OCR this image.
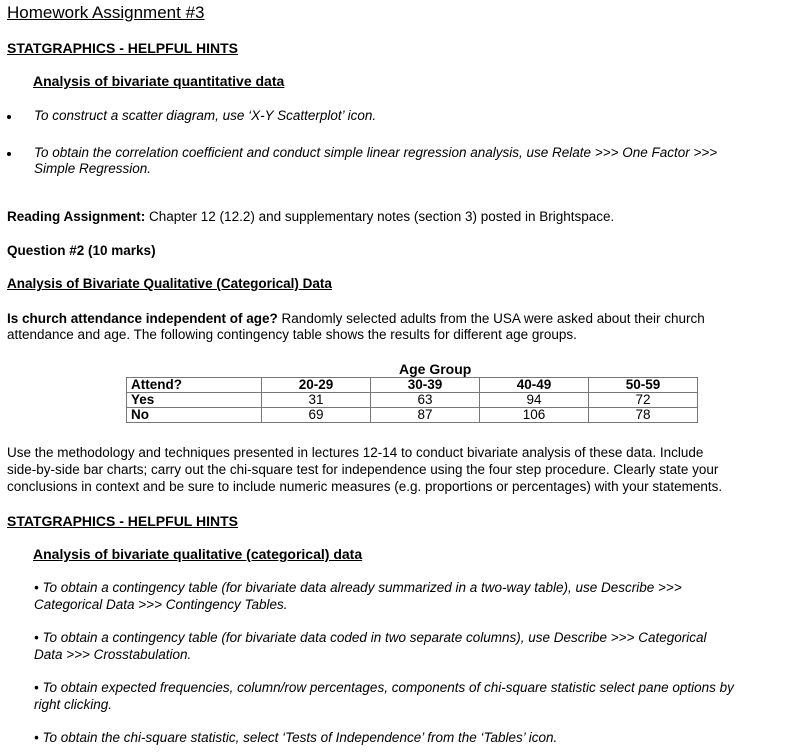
Homework Assignment #3
STATGRAPHICS - HELPFUL HINTS
Analysis of bivariate quantitative data
To construct a scatter diagram, use ‘X-Y Scatterplot’ icon.
To obtain the correlation coefficient and conduct simple linear regression analysis, use Relate >>> One Factor >>>
Simple Regression.
Reading Assignment: Chapter 12 (12.2) and supplementary notes (section 3) posted in Brightspace.
Question #2 (10 marks)
Analysis of Bivariate Qualitative (Categorical) Data
Is church attendance independent of age? Randomly selected adults from the USA were asked about their church
attendance and age. The following contingency table shows the results for different age groups.
Age Group
Attend?	20-29	30-39	40-49	50-59
Yes	31	63	94	72
No	69	87	106	78
Use the methodology and techniques presented in lectures 12-14 to conduct bivariate analysis of these data. Include
side-by-side bar charts; carry out the chi-square test for independence using the four step procedure. Clearly state your
conclusions in context and be sure to include numeric measures (e.g. proportions or percentages) with your statements.
STATGRAPHICS - HELPFUL HINTS
Analysis of bivariate qualitative (categorical) data
• To obtain a contingency table (for bivariate data already summarized in a two-way table), use Describe >>>
Categorical Data >>> Contingency Tables.
• To obtain a contingency table (for bivariate data coded in two separate columns), use Describe >>> Categorical
Data >>> Crosstabulation.
• To obtain expected frequencies, column/row percentages, components of chi-square statistic select pane options by
right clicking.
• To obtain the chi-square statistic, select ‘Tests of Independence’ from the ‘Tables’ icon.
